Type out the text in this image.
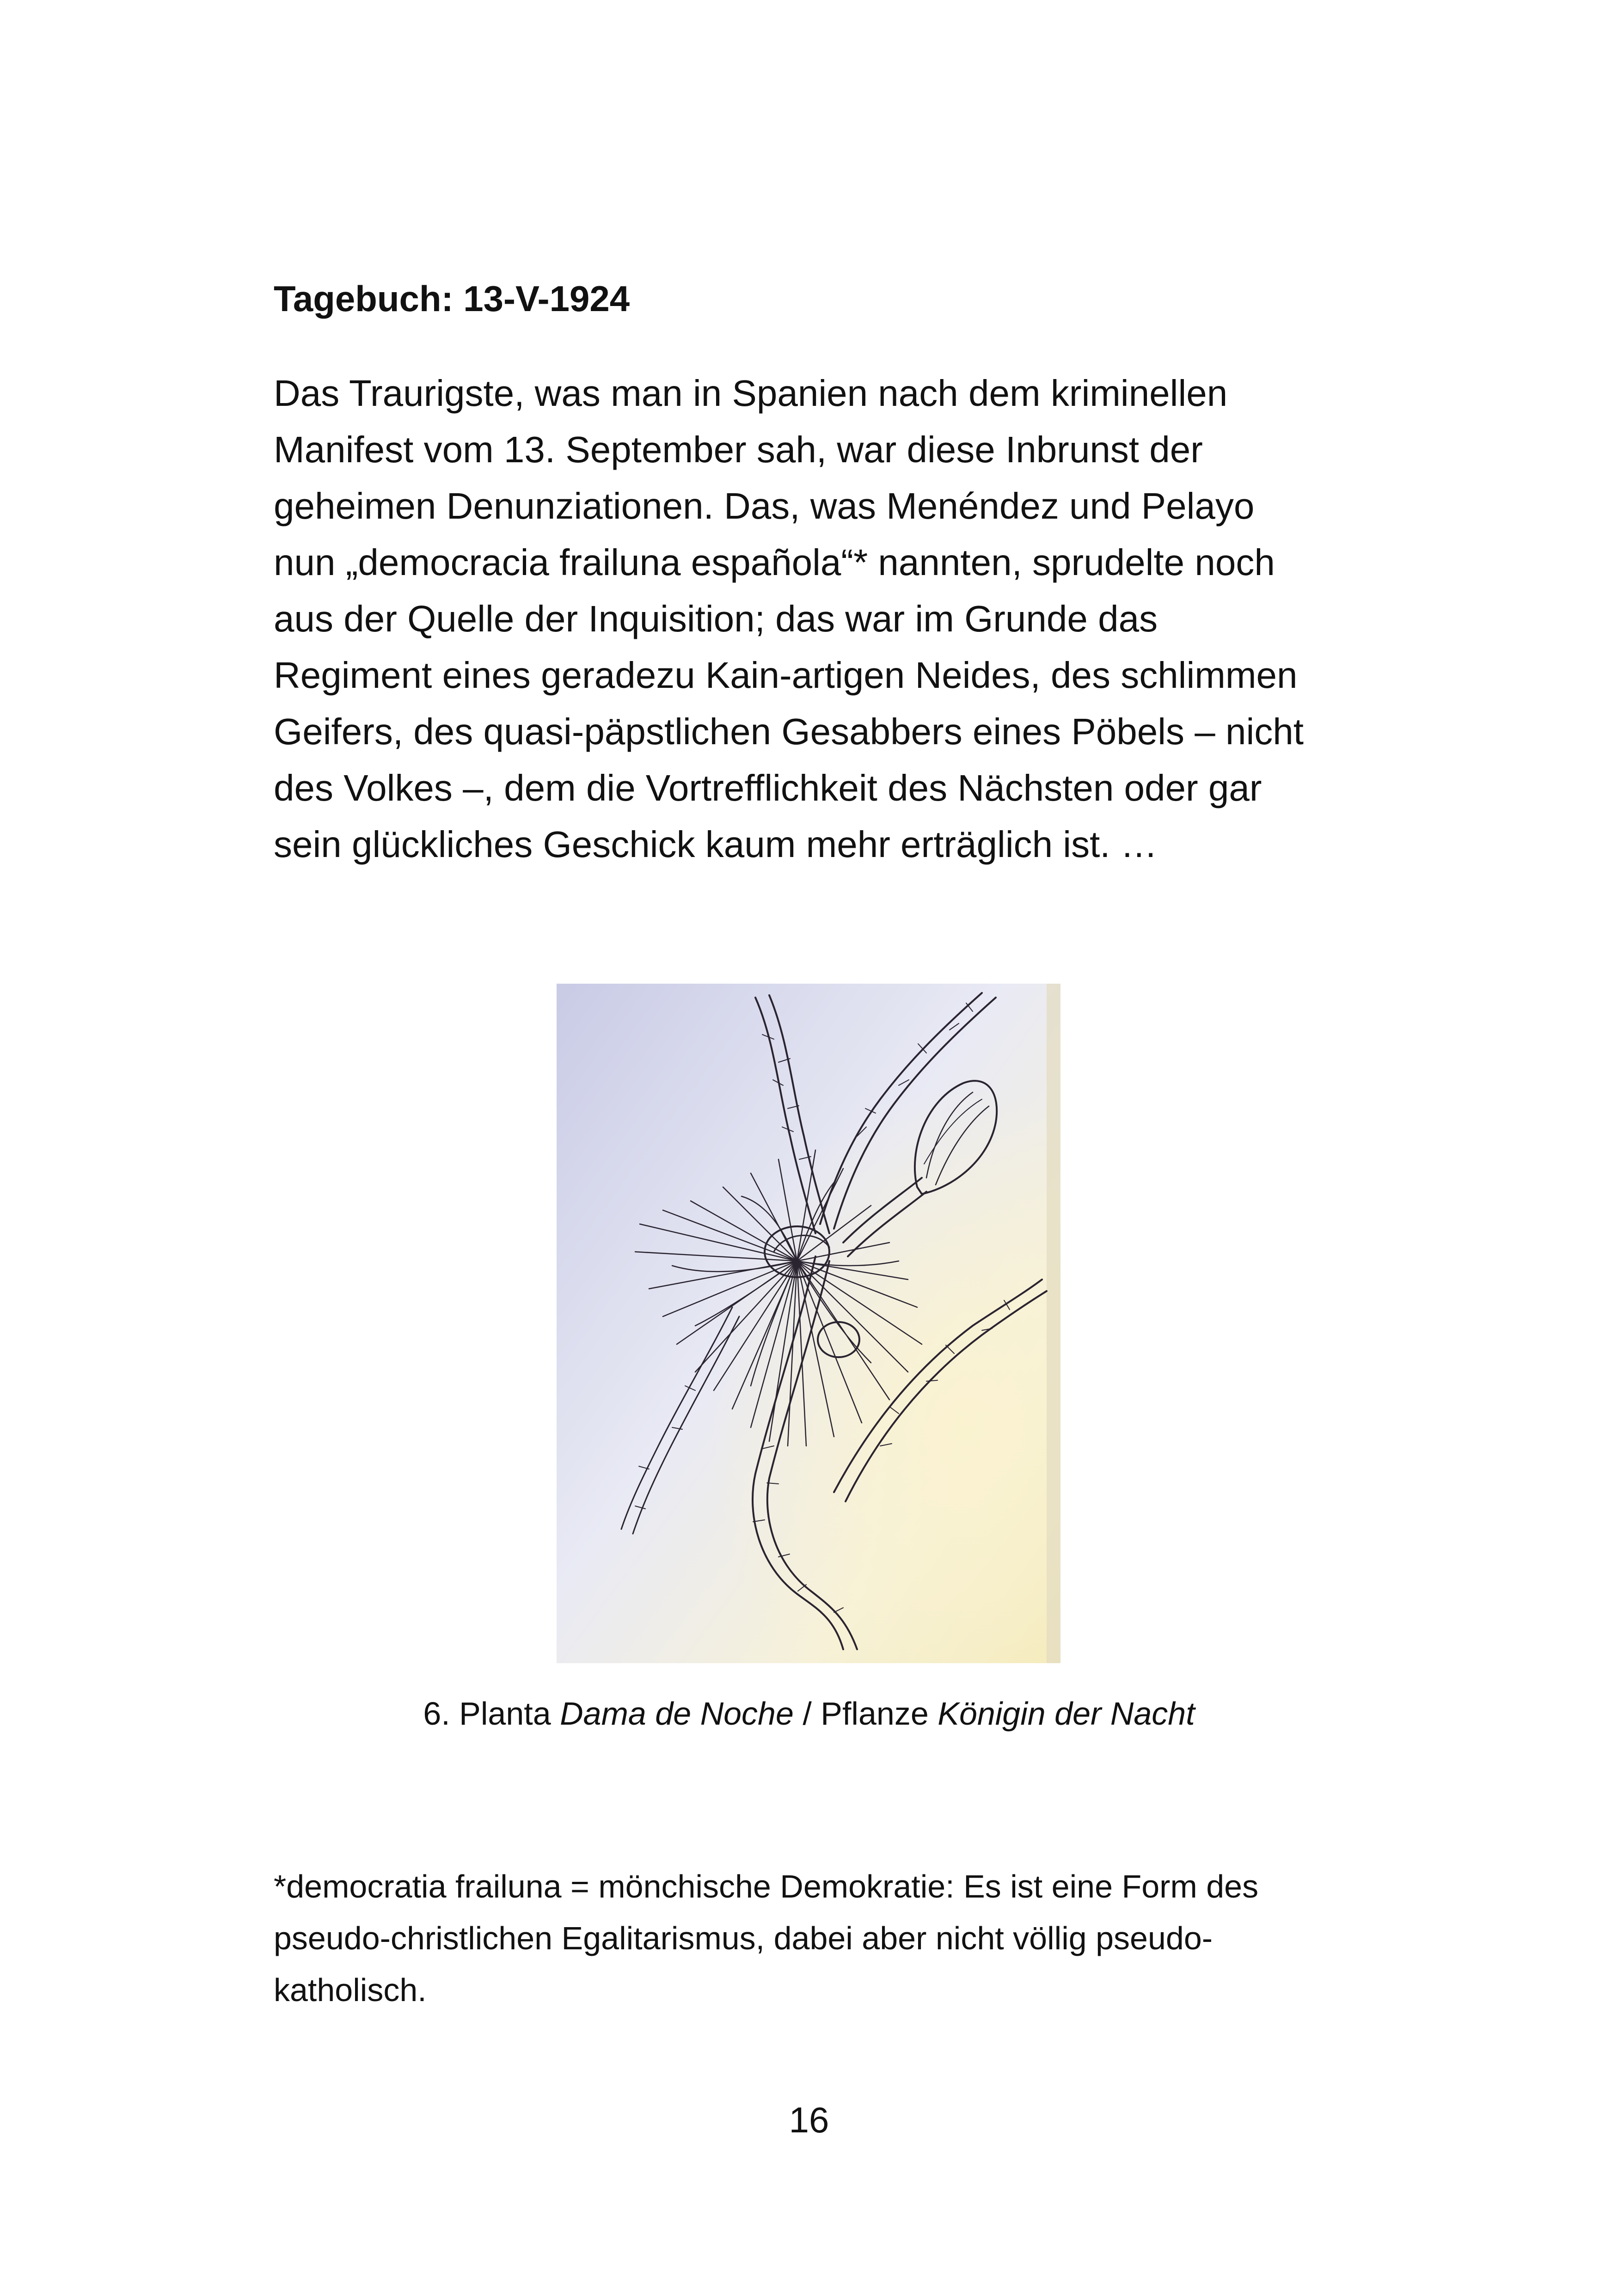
Tagebuch: 13-V-1924
Das Traurigste, was man in Spanien nach dem kriminellen
Manifest vom 13. September sah, war diese Inbrunst der
geheimen Denunziationen. Das, was Menéndez und Pelayo
nun „democracia frailuna española“* nannten, sprudelte noch
aus der Quelle der Inquisition; das war im Grunde das
Regiment eines geradezu Kain-artigen Neides, des schlimmen
Geifers, des quasi-päpstlichen Gesabbers eines Pöbels – nicht
des Volkes –, dem die Vortrefflichkeit des Nächsten oder gar
sein glückliches Geschick kaum mehr erträglich ist. …
6. Planta Dama de Noche / Pflanze Königin der Nacht
*democratia frailuna = mönchische Demokratie: Es ist eine Form des
pseudo-christlichen Egalitarismus, dabei aber nicht völlig pseudo-
katholisch.
16
